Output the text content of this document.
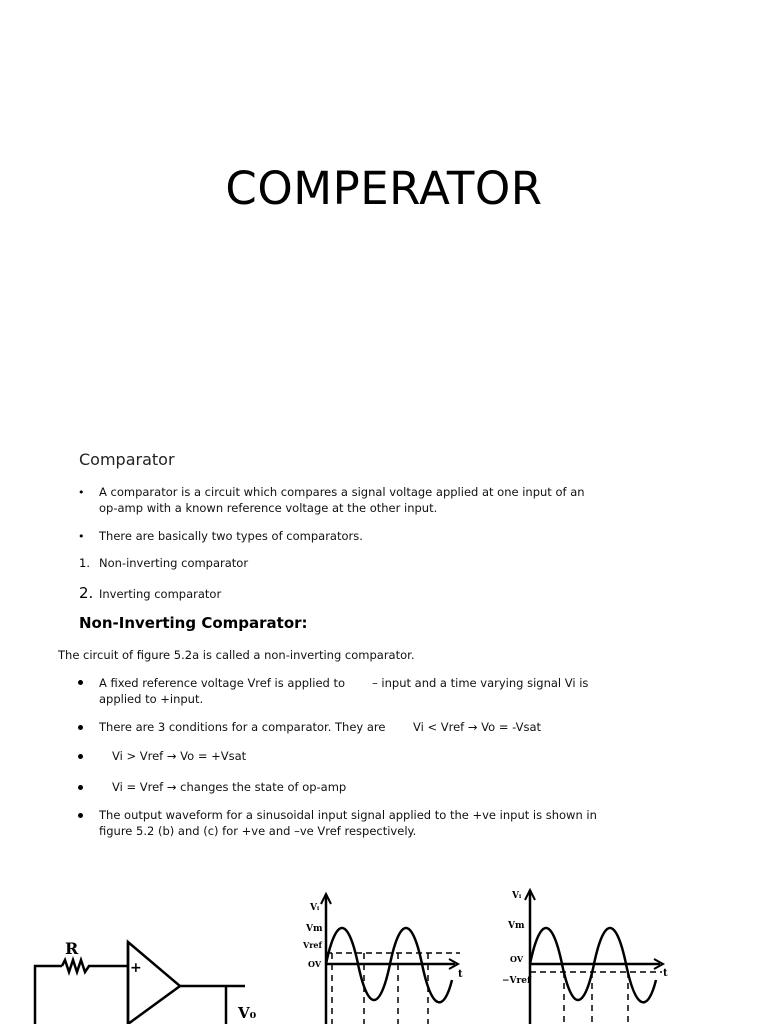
COMPERATOR
Comparator
• A comparator is a circuit which compares a signal voltage applied at one input of an
op-amp with a known reference voltage at the other input.
• There are basically two types of comparators.
1. Non-inverting comparator
2. Inverting comparator
Non-Inverting Comparator:
The circuit of figure 5.2a is called a non-inverting comparator.
A fixed reference voltage Vref is applied to – input and a time varying signal Vi is
applied to +input.
There are 3 conditions for a comparator. They are Vi < Vref → Vo = -Vsat
Vi > Vref → Vo = +Vsat
Vi = Vref → changes the state of op-amp
The output waveform for a sinusoidal input signal applied to the +ve input is shown in
figure 5.2 (b) and (c) for +ve and –ve Vref respectively.
R
+
V₀
Vᵢ
Vm
Vref
OV
t
Vᵢ
Vm
OV
−Vref
t
